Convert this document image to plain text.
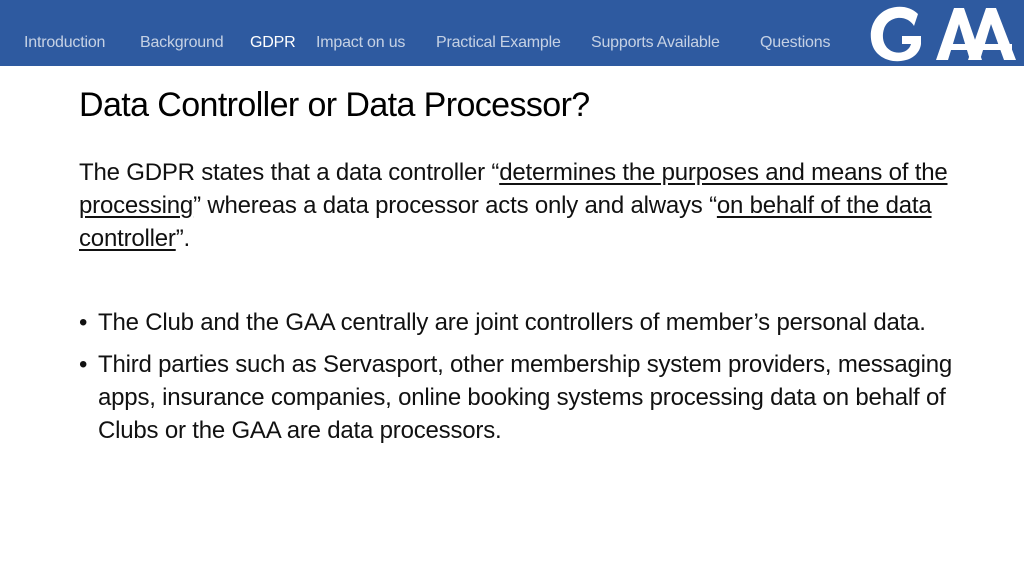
Introduction Background GDPR Impact on us Practical Example Supports Available	Questions
Data Controller or Data Processor?
The GDPR states that a data controller “determines the purposes and means of the processing” whereas a data processor acts only and always “on behalf of the data controller”.
• The Club and the GAA centrally are joint controllers of member’s personal data.
• Third parties such as Servasport, other membership system providers, messaging apps, insurance companies, online booking systems processing data on behalf of Clubs or the GAA are data processors.
